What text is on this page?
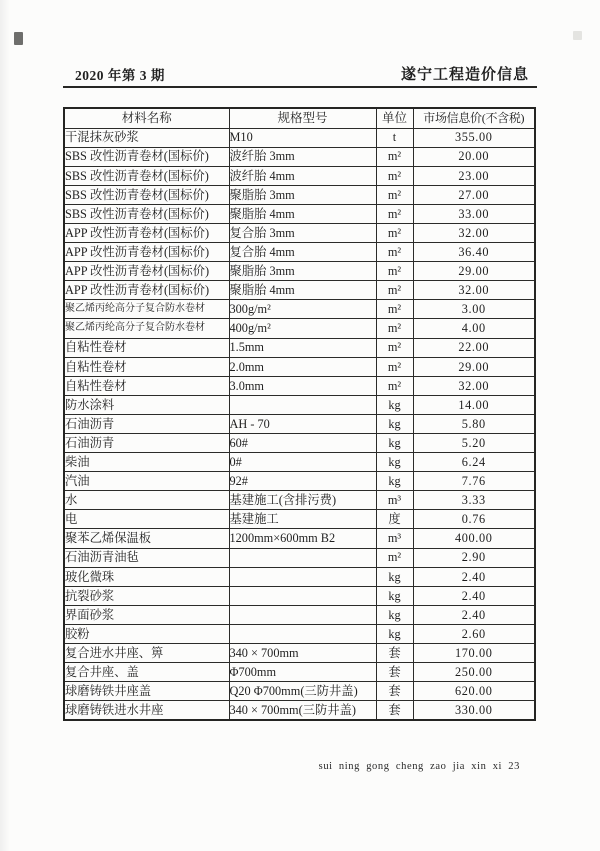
2020 年第 3 期	遂宁工程造价信息
材料名称	规格型号	单位	市场信息价(不含税)
干混抹灰砂浆	M10	t	355.00
SBS 改性沥青卷材(国标价)	波纤胎 3mm	m²	20.00
SBS 改性沥青卷材(国标价)	波纤胎 4mm	m²	23.00
SBS 改性沥青卷材(国标价)	聚脂胎 3mm	m²	27.00
SBS 改性沥青卷材(国标价)	聚脂胎 4mm	m²	33.00
APP 改性沥青卷材(国标价)	复合胎 3mm	m²	32.00
APP 改性沥青卷材(国标价)	复合胎 4mm	m²	36.40
APP 改性沥青卷材(国标价)	聚脂胎 3mm	m²	29.00
APP 改性沥青卷材(国标价)	聚脂胎 4mm	m²	32.00
聚乙烯丙纶高分子复合防水卷材	300g/m²	m²	3.00
聚乙烯丙纶高分子复合防水卷材	400g/m²	m²	4.00
自粘性卷材	1.5mm	m²	22.00
自粘性卷材	2.0mm	m²	29.00
自粘性卷材	3.0mm	m²	32.00
防水涂料		kg	14.00
石油沥青	AH - 70	kg	5.80
石油沥青	60#	kg	5.20
柴油	0#	kg	6.24
汽油	92#	kg	7.76
水	基建施工(含排污费)	m³	3.33
电	基建施工	度	0.76
聚苯乙烯保温板	1200mm×600mm B2	m³	400.00
石油沥青油毡		m²	2.90
玻化微珠		kg	2.40
抗裂砂浆		kg	2.40
界面砂浆		kg	2.40
胶粉		kg	2.60
复合进水井座、箅	340 × 700mm	套	170.00
复合井座、盖	Φ700mm	套	250.00
球磨铸铁井座盖	Q20 Φ700mm(三防井盖)	套	620.00
球磨铸铁进水井座	340 × 700mm(三防井盖)	套	330.00
sui ning gong cheng zao jia xin xi 23
